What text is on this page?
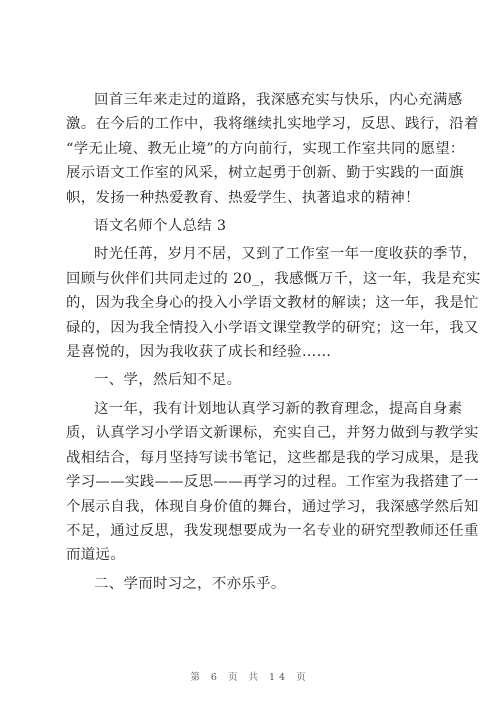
回首三年来走过的道路，我深感充实与快乐，内心充满感
激。在今后的工作中，我将继续扎实地学习，反思、践行，沿着
“学无止境、教无止境”的方向前行，实现工作室共同的愿望：
展示语文工作室的风采，树立起勇于创新、勤于实践的一面旗
帜，发扬一种热爱教育、热爱学生、执著追求的精神！
语文名师个人总结 3
时光任苒，岁月不居，又到了工作室一年一度收获的季节，
回顾与伙伴们共同走过的 20_，我感慨万千，这一年，我是充实
的，因为我全身心的投入小学语文教材的解读；这一年，我是忙
碌的，因为我全情投入小学语文课堂教学的研究；这一年，我又
是喜悦的，因为我收获了成长和经验……
一、学，然后知不足。
这一年，我有计划地认真学习新的教育理念，提高自身素
质，认真学习小学语文新课标，充实自己，并努力做到与教学实
战相结合，每月坚持写读书笔记，这些都是我的学习成果，是我
学习——实践——反思——再学习的过程。工作室为我搭建了一
个展示自我，体现自身价值的舞台，通过学习，我深感学然后知
不足，通过反思，我发现想要成为一名专业的研究型教师还任重
而道远。
二、学而时习之，不亦乐乎。
第 6 页 共 14 页
